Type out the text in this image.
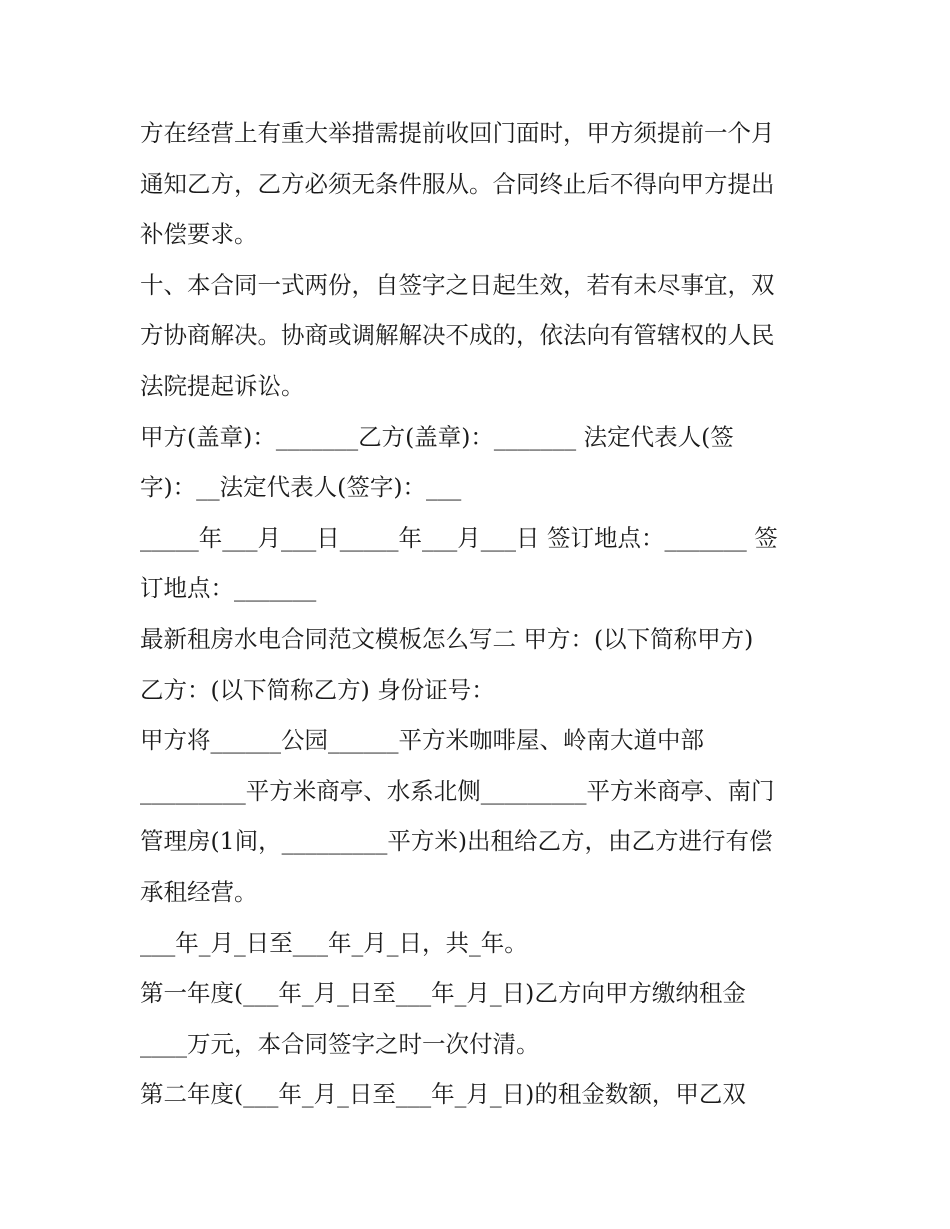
方在经营上有重大举措需提前收回门面时，甲方须提前一个月
通知乙方，乙方必须无条件服从。合同终止后不得向甲方提出
补偿要求。
十、本合同一式两份，自签字之日起生效，若有未尽事宜，双
方协商解决。协商或调解解决不成的，依法向有管辖权的人民
法院提起诉讼。
甲方(盖章)：_______乙方(盖章)：_______ 法定代表人(签
字)：__法定代表人(签字)：___
_____年___月___日_____年___月___日 签订地点：_______ 签
订地点：_______
最新租房水电合同范文模板怎么写二 甲方：(以下简称甲方)
乙方：(以下简称乙方) 身份证号：
甲方将______公园______平方米咖啡屋、岭南大道中部
_________平方米商亭、水系北侧_________平方米商亭、南门
管理房(1间，_________平方米)出租给乙方，由乙方进行有偿
承租经营。
___年_月_日至___年_月_日，共_年。
第一年度(___年_月_日至___年_月_日)乙方向甲方缴纳租金
____万元，本合同签字之时一次付清。
第二年度(___年_月_日至___年_月_日)的租金数额，甲乙双
